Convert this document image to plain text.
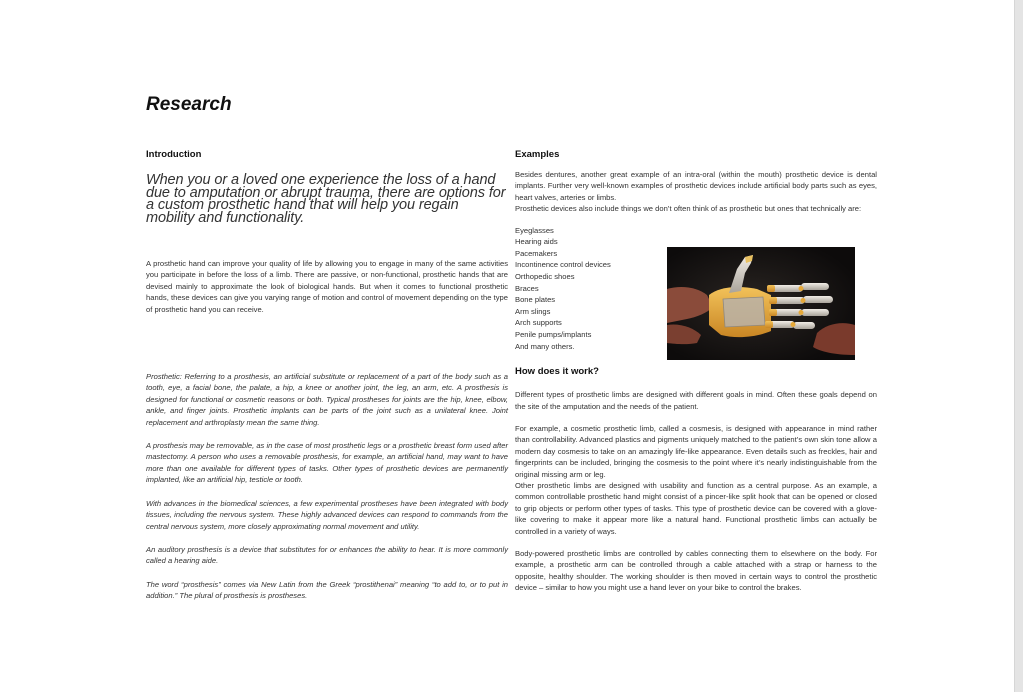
Research
Introduction
When you or a loved one experience the loss of a hand due to amputation or abrupt trauma, there are options for a custom prosthetic hand that will help you regain mobility and functionality.

A prosthetic hand can improve your quality of life by allowing you to engage in many of the same activities you participate in before the loss of a limb. There are passive, or non-functional, prosthetic hands that are devised mainly to approximate the look of biological hands. But when it comes to functional prosthetic hands, these devices can give you varying range of motion and control of movement depending on the type of prosthetic hand you can receive.

Prosthetic: Referring to a prosthesis, an artificial substitute or replacement of a part of the body such as a tooth, eye, a facial bone, the palate, a hip, a knee or another joint, the leg, an arm, etc. A prosthesis is designed for functional or cosmetic reasons or both. Typical prostheses for joints are the hip, knee, elbow, ankle, and finger joints. Prosthetic implants can be parts of the joint such as a unilateral knee. Joint replacement and arthroplasty mean the same thing.

A prosthesis may be removable, as in the case of most prosthetic legs or a prosthetic breast form used after mastectomy. A person who uses a removable prosthesis, for example, an artificial hand, may want to have more than one available for different types of tasks. Other types of prosthetic devices are permanently implanted, like an artificial hip, testicle or tooth.

With advances in the biomedical sciences, a few experimental prostheses have been integrated with body tissues, including the nervous system. These highly advanced devices can respond to commands from the central nervous system, more closely approximating normal movement and utility.

An auditory prosthesis is a device that substitutes for or enhances the ability to hear. It is more commonly called a hearing aide.

The word “prosthesis” comes via New Latin from the Greek “prostithenai” meaning “to add to, or to put in addition.” The plural of prosthesis is prostheses.

Examples

Besides dentures, another great example of an intra-oral (within the mouth) prosthetic device is dental implants. Further very well-known examples of prosthetic devices include artificial body parts such as eyes, heart valves, arteries or limbs.

Prosthetic devices also include things we don’t often think of as prosthetic but ones that technically are:

Eyeglasses
Hearing aids
Pacemakers
Incontinence control devices
Orthopedic shoes
Braces
Bone plates
Arm slings
Arch supports
Penile pumps/implants
And many others.
How does it work?

Different types of prosthetic limbs are designed with different goals in mind. Often these goals depend on the site of the amputation and the needs of the patient.

For example, a cosmetic prosthetic limb, called a cosmesis, is designed with appearance in mind rather than controllability. Advanced plastics and pigments uniquely matched to the patient’s own skin tone allow a modern day cosmesis to take on an amazingly life-like appearance. Even details such as freckles, hair and fingerprints can be included, bringing the cosmesis to the point where it’s nearly indistinguishable from the original missing arm or leg.

Other prosthetic limbs are designed with usability and function as a central purpose. As an example, a common controllable prosthetic hand might consist of a pincer-like split hook that can be opened or closed to grip objects or perform other types of tasks. This type of prosthetic device can be covered with a glove-like covering to make it appear more like a natural hand. Functional prosthetic limbs can actually be controlled in a variety of ways.

Body-powered prosthetic limbs are controlled by cables connecting them to elsewhere on the body. For example, a prosthetic arm can be controlled through a cable attached with a strap or harness to the opposite, healthy shoulder. The working shoulder is then moved in certain ways to control the prosthetic device – similar to how you might use a hand lever on your bike to control the brakes.
